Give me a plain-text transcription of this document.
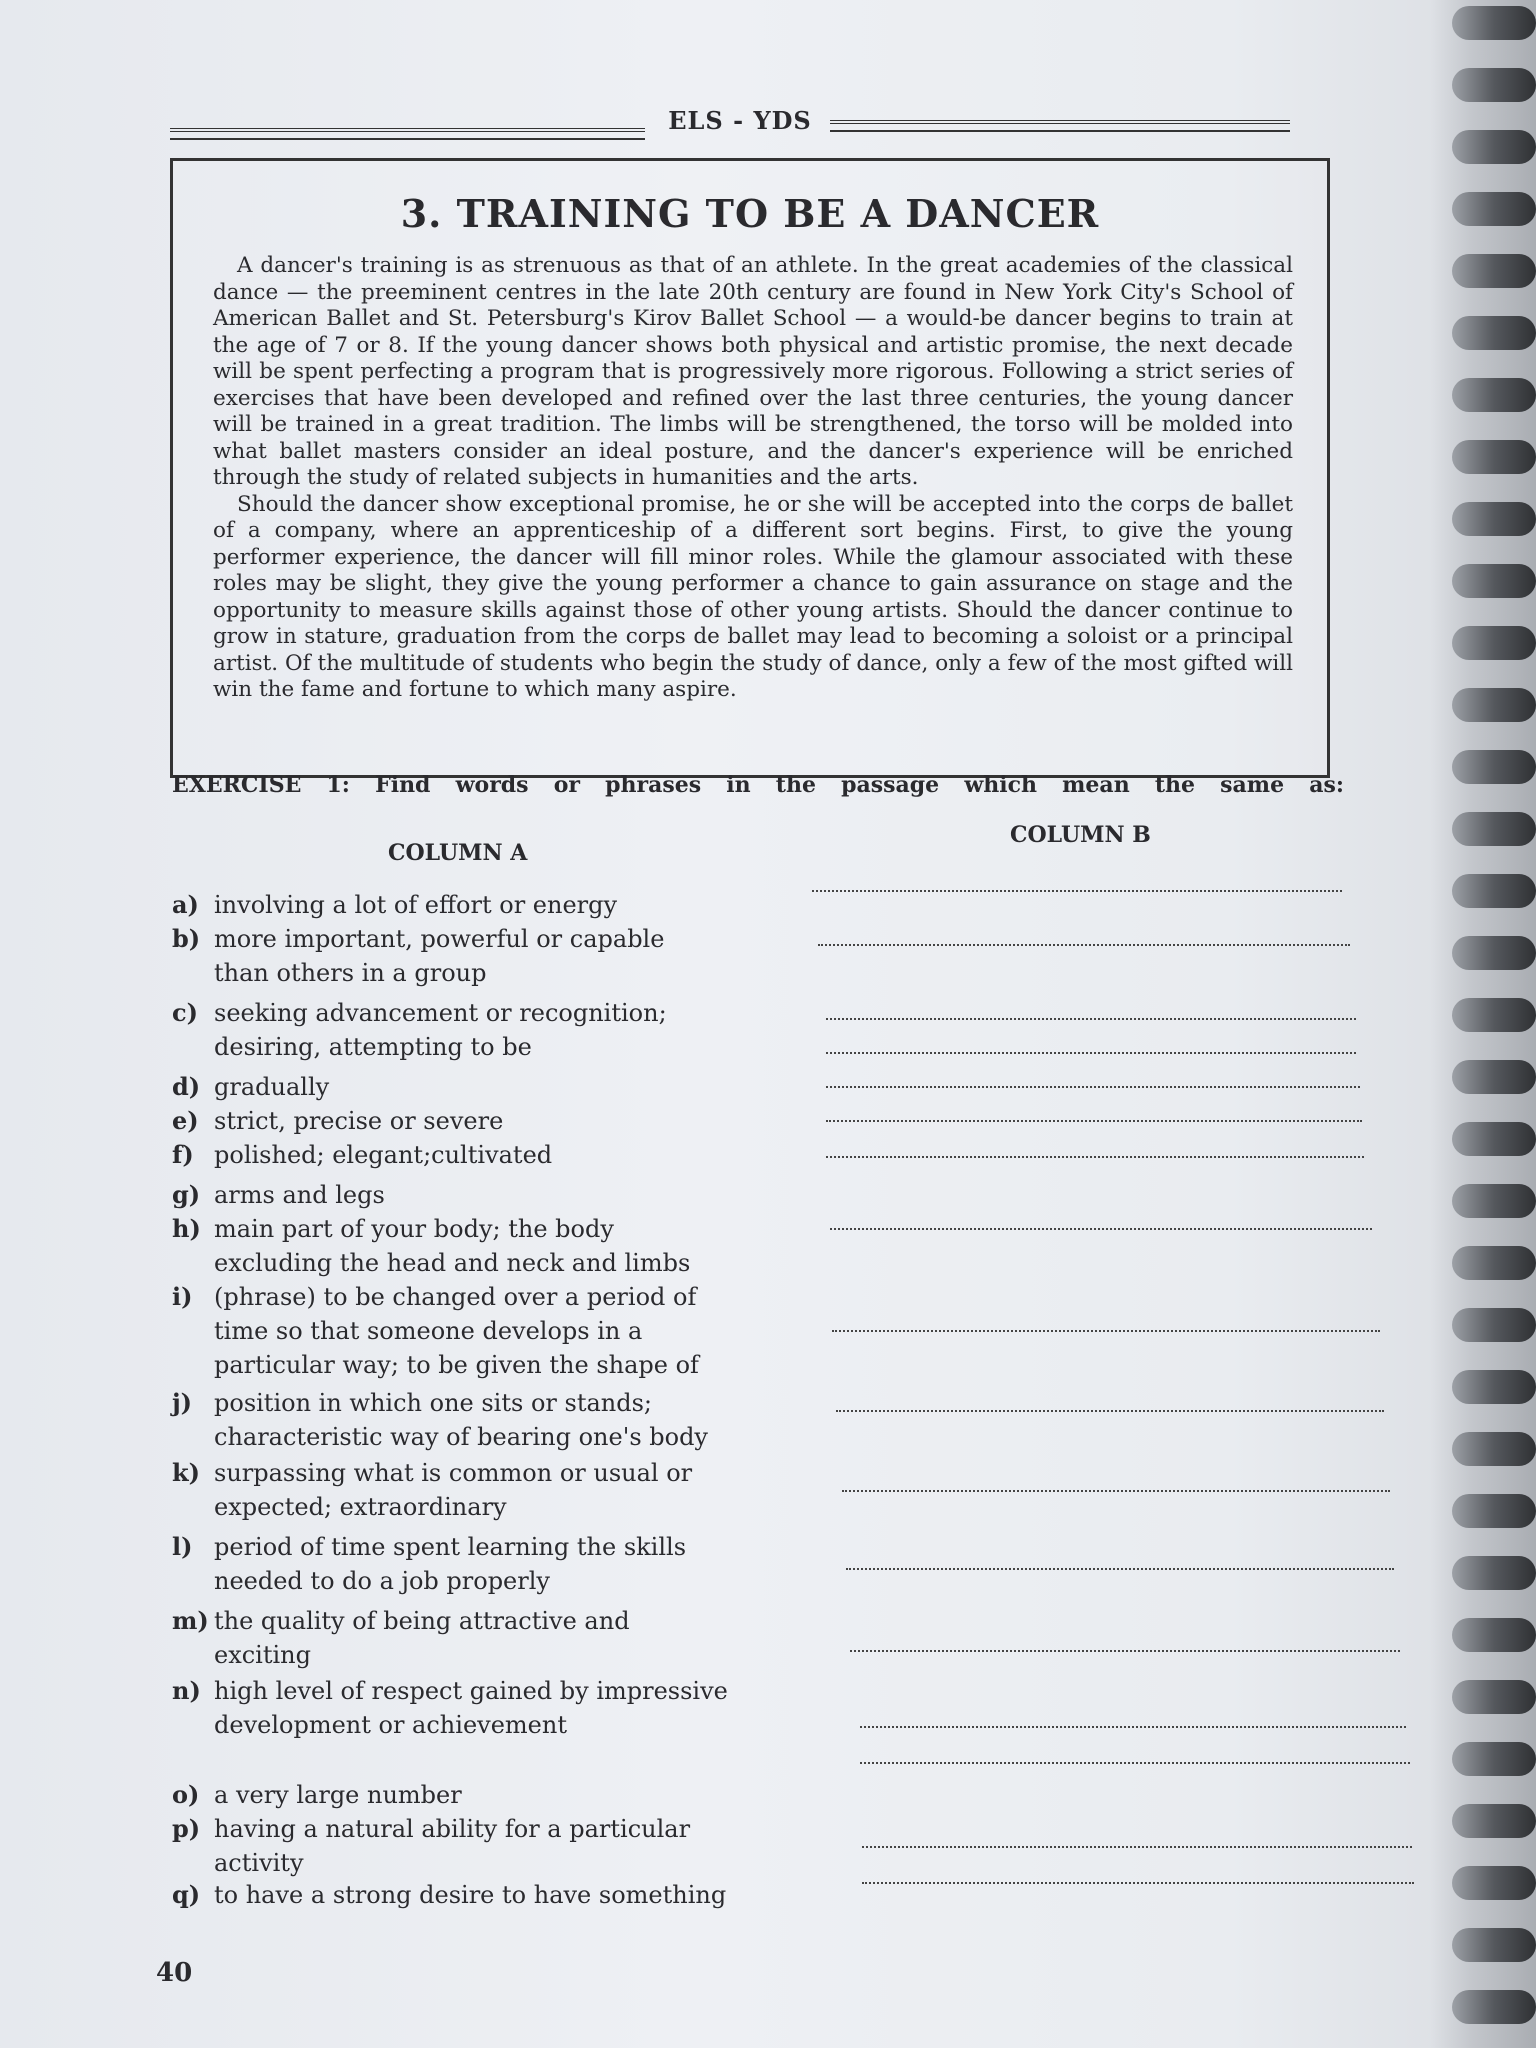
ELS - YDS
3. TRAINING TO BE A DANCER

A dancer's training is as strenuous as that of an athlete. In the great academies of the classical dance — the preeminent centres in the late 20th century are found in New York City's School of American Ballet and St. Petersburg's Kirov Ballet School — a would-be dancer begins to train at the age of 7 or 8. If the young dancer shows both physical and artistic promise, the next decade will be spent perfecting a program that is progressively more rigorous. Following a strict series of exercises that have been developed and refined over the last three centuries, the young dancer will be trained in a great tradition. The limbs will be strengthened, the torso will be molded into what ballet masters consider an ideal posture, and the dancer's experience will be enriched through the study of related subjects in humanities and the arts.

Should the dancer show exceptional promise, he or she will be accepted into the corps de ballet of a company, where an apprenticeship of a different sort begins. First, to give the young performer experience, the dancer will fill minor roles. While the glamour associated with these roles may be slight, they give the young performer a chance to gain assurance on stage and the opportunity to measure skills against those of other young artists. Should the dancer continue to grow in stature, graduation from the corps de ballet may lead to becoming a soloist or a principal artist. Of the multitude of students who begin the study of dance, only a few of the most gifted will win the fame and fortune to which many aspire.

EXERCISE 1: Find words or phrases in the passage which mean the same as:
COLUMN A
COLUMN B
a) involving a lot of effort or energy
b) more important, powerful or capable
than others in a group
c) seeking advancement or recognition;
desiring, attempting to be
d) gradually
e) strict, precise or severe
f) polished; elegant;cultivated
g) arms and legs
h) main part of your body; the body
excluding the head and neck and limbs
i) (phrase) to be changed over a period of
time so that someone develops in a
particular way; to be given the shape of
j) position in which one sits or stands;
characteristic way of bearing one's body
k) surpassing what is common or usual or
expected; extraordinary
l) period of time spent learning the skills
needed to do a job properly
m) the quality of being attractive and
exciting
n) high level of respect gained by impressive
development or achievement
o) a very large number
p) having a natural ability for a particular
activity
q) to have a strong desire to have something
40
